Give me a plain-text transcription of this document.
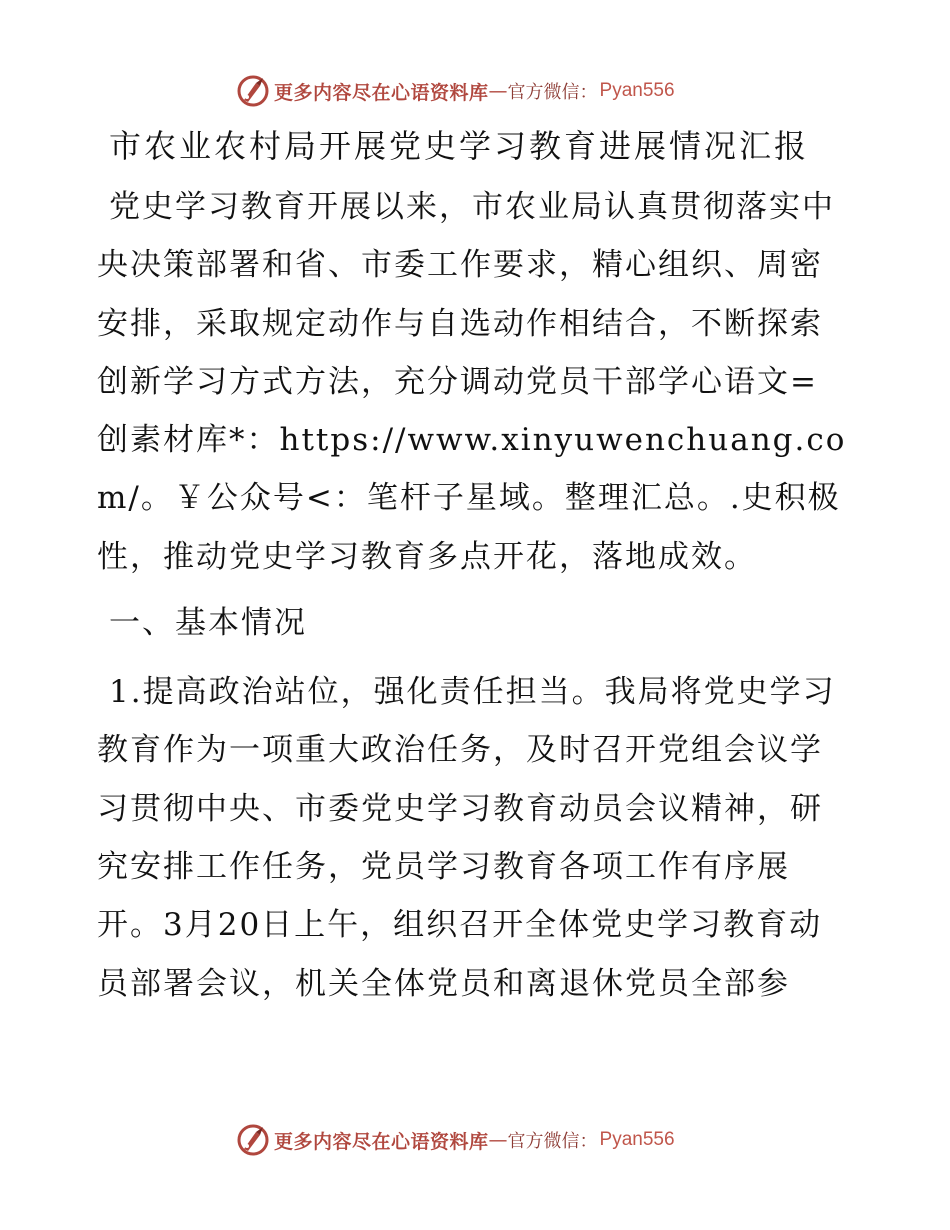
更多内容尽在心语资料库 — 官方微信： Pyan556
市农业农村局开展党史学习教育进展情况汇报

党史学习教育开展以来，市农业局认真贯彻落实中央决策部署和省、市委工作要求，精心组织、周密安排，采取规定动作与自选动作相结合，不断探索创新学习方式方法，充分调动党员干部学心语文=创素材库*：https://www.xinyuwenchuang.com/。￥公众号<：笔杆子星域。整理汇总。.史积极性，推动党史学习教育多点开花，落地成效。

一、基本情况

1.提高政治站位，强化责任担当。我局将党史学习教育作为一项重大政治任务，及时召开党组会议学习贯彻中央、市委党史学习教育动员会议精神，研究安排工作任务，党员学习教育各项工作有序展开。3月20日上午，组织召开全体党史学习教育动员部署会议，机关全体党员和离退休党员全部参

更多内容尽在心语资料库 — 官方微信： Pyan556
